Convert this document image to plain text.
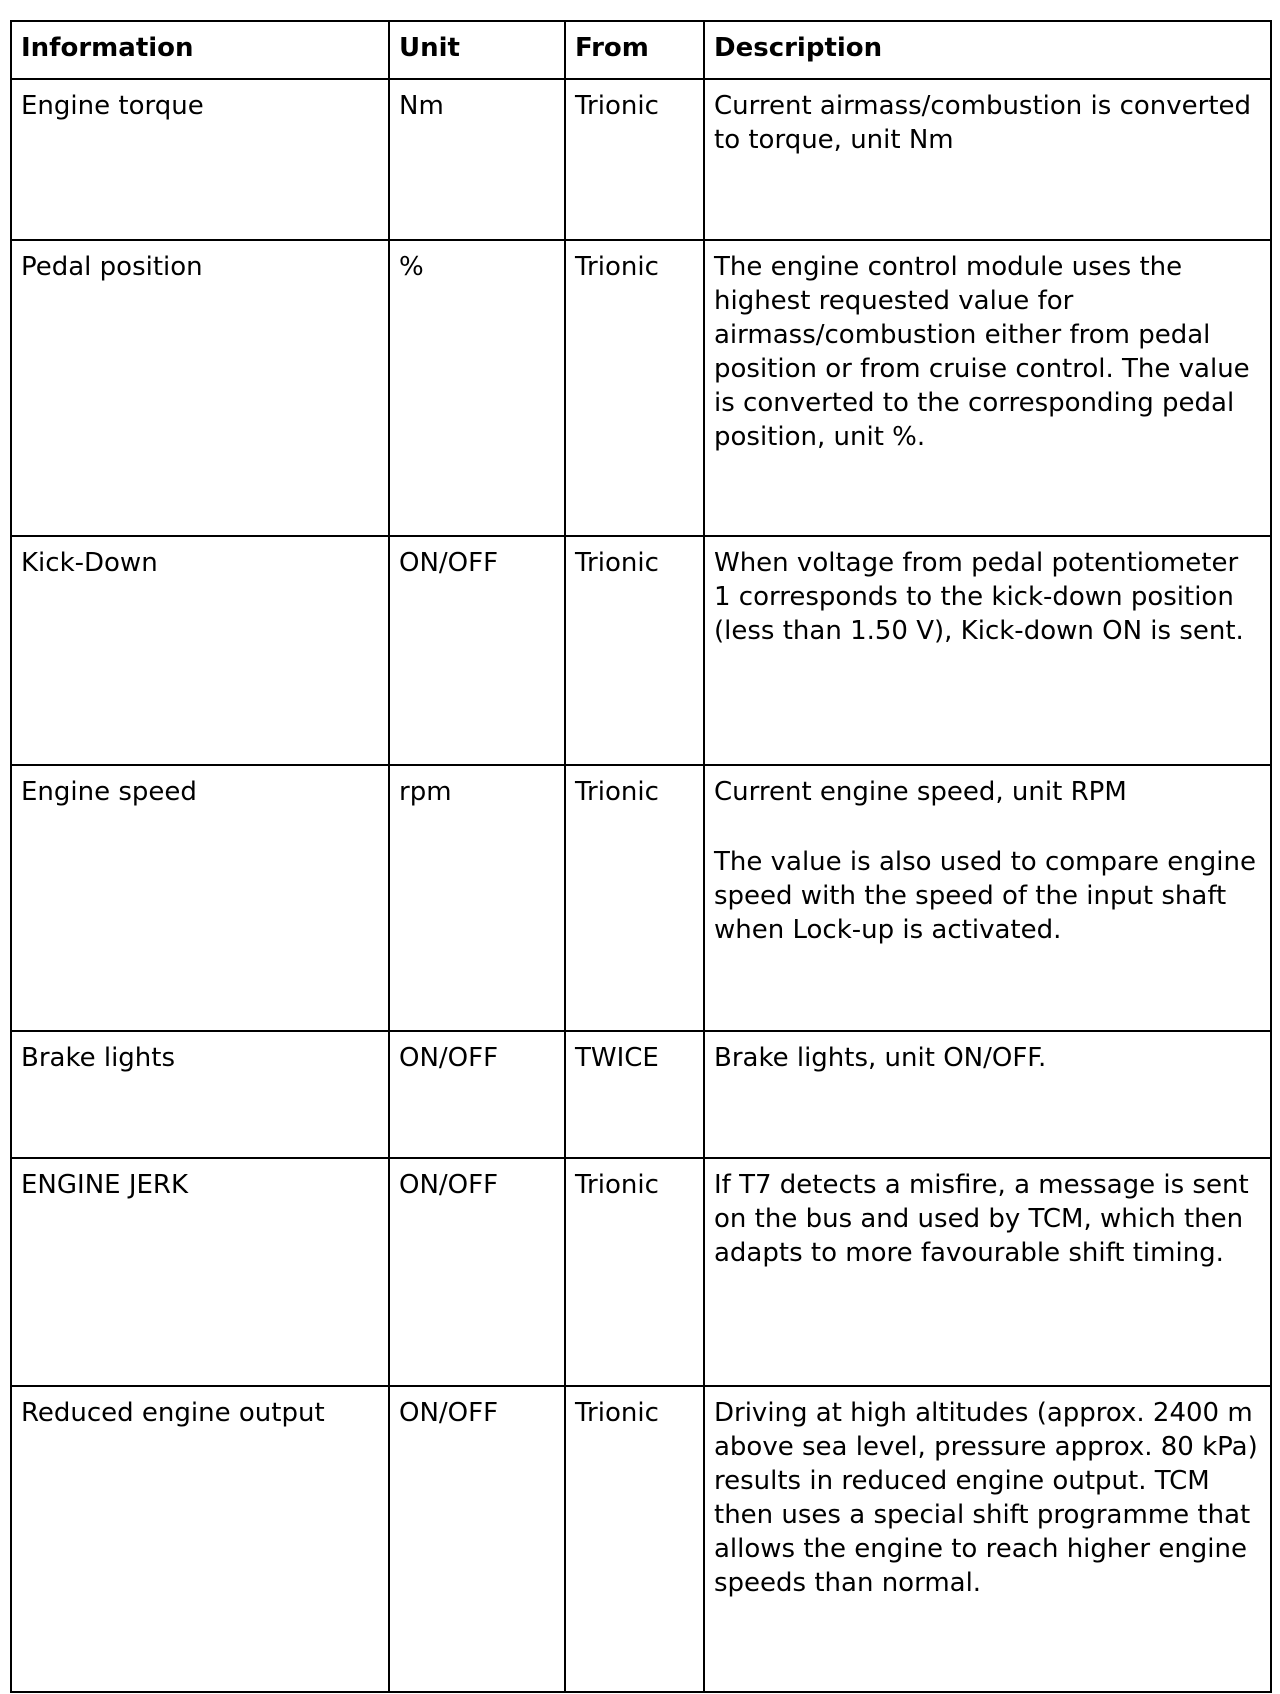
Information	Unit	From	Description
Engine torque	Nm	Trionic	Current airmass/combustion is converted to torque, unit Nm

Pedal position	%	Trionic	The engine control module uses the highest requested value for airmass/combustion either from pedal position or from cruise control. The value is converted to the corresponding pedal position, unit %.

Kick-Down	ON/OFF	Trionic	When voltage from pedal potentiometer 1 corresponds to the kick-down position (less than 1.50 V), Kick-down ON is sent.

Engine speed	rpm	Trionic	Current engine speed, unit RPM

The value is also used to compare engine speed with the speed of the input shaft when Lock-up is activated.

Brake lights	ON/OFF	TWICE	Brake lights, unit ON/OFF.

ENGINE JERK	ON/OFF	Trionic	If T7 detects a misfire, a message is sent on the bus and used by TCM, which then adapts to more favourable shift timing.

Reduced engine output	ON/OFF	Trionic	Driving at high altitudes (approx. 2400 m above sea level, pressure approx. 80 kPa) results in reduced engine output. TCM then uses a special shift programme that allows the engine to reach higher engine speeds than normal.
